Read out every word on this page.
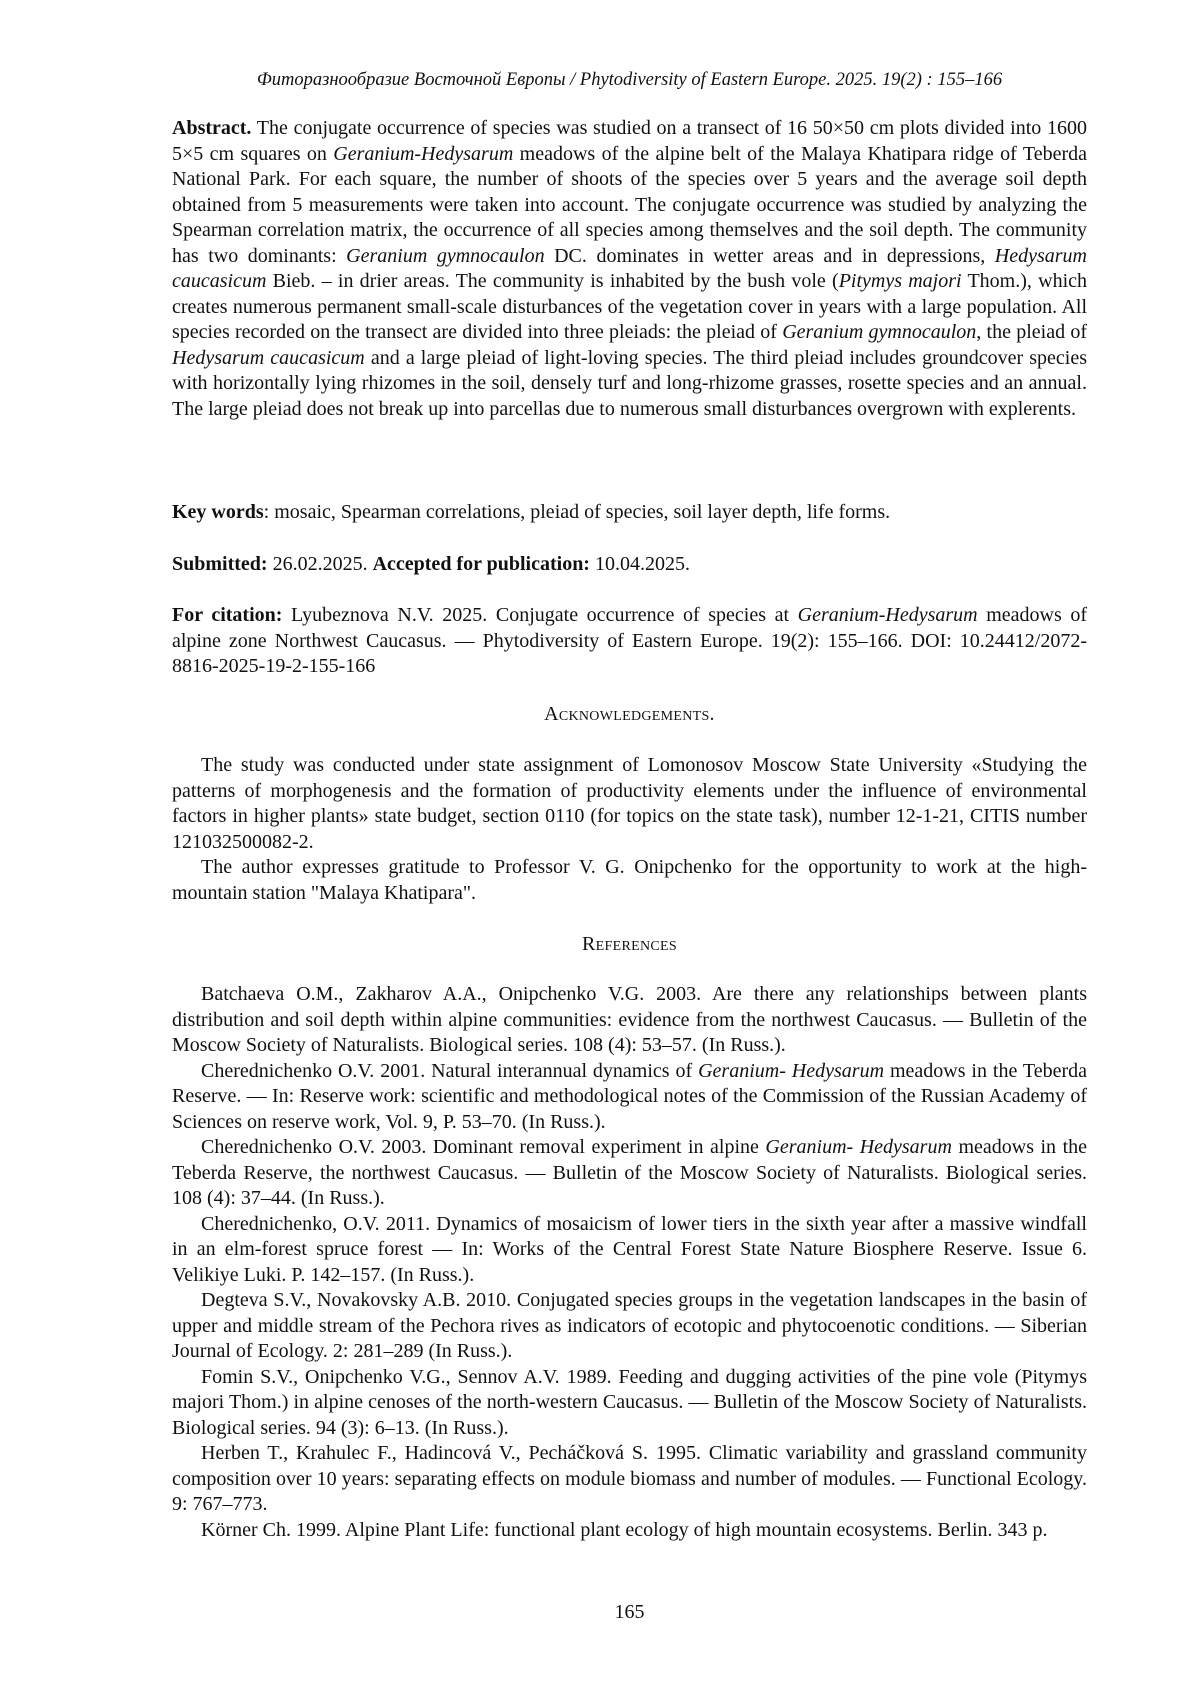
Фиторазнообразие Восточной Европы / Phytodiversity of Eastern Europe. 2025. 19(2) : 155–166

Abstract. The conjugate occurrence of species was studied on a transect of 16 50×50 cm plots divided into 1600 5×5 cm squares on Geranium-Hedysarum meadows of the alpine belt of the Malaya Khatipara ridge of Teberda National Park. For each square, the number of shoots of the species over 5 years and the average soil depth obtained from 5 measurements were taken into account. The conjugate occurrence was studied by analyzing the Spearman correlation matrix, the occurrence of all species among themselves and the soil depth. The community has two dominants: Geranium gymnocaulon DC. dominates in wetter areas and in depressions, Hedysarum caucasicum Bieb. – in drier areas. The community is inhabited by the bush vole (Pitymys majori Thom.), which creates numerous permanent small-scale disturbances of the vegetation cover in years with a large population. All species recorded on the transect are divided into three pleiads: the pleiad of Geranium gymnocaulon, the pleiad of Hedysarum caucasicum and a large pleiad of light-loving species. The third pleiad includes groundcover species with horizontally lying rhizomes in the soil, densely turf and long-rhizome grasses, rosette species and an annual. The large pleiad does not break up into parcellas due to numerous small disturbances overgrown with explerents.

Key words: mosaic, Spearman correlations, pleiad of species, soil layer depth, life forms.

Submitted: 26.02.2025. Accepted for publication: 10.04.2025.

For citation: Lyubeznova N.V. 2025. Conjugate occurrence of species at Geranium-Hedysarum meadows of alpine zone Northwest Caucasus. — Phytodiversity of Eastern Europe. 19(2): 155–166. DOI: 10.24412/2072-8816-2025-19-2-155-166

Acknowledgements.

The study was conducted under state assignment of Lomonosov Moscow State University «Studying the patterns of morphogenesis and the formation of productivity elements under the influence of environmental factors in higher plants» state budget, section 0110 (for topics on the state task), number 12-1-21, CITIS number 121032500082-2.

The author expresses gratitude to Professor V. G. Onipchenko for the opportunity to work at the high-mountain station "Malaya Khatipara".

References

Batchaeva O.M., Zakharov A.A., Onipchenko V.G. 2003. Are there any relationships between plants distribution and soil depth within alpine communities: evidence from the northwest Caucasus. — Bulletin of the Moscow Society of Naturalists. Biological series. 108 (4): 53–57. (In Russ.).

Cherednichenko O.V. 2001. Natural interannual dynamics of Geranium- Hedysarum meadows in the Teberda Reserve. — In: Reserve work: scientific and methodological notes of the Commission of the Russian Academy of Sciences on reserve work, Vol. 9, P. 53–70. (In Russ.).

Cherednichenko O.V. 2003. Dominant removal experiment in alpine Geranium- Hedysarum meadows in the Teberda Reserve, the northwest Caucasus. — Bulletin of the Moscow Society of Naturalists. Biological series. 108 (4): 37–44. (In Russ.).

Cherednichenko, O.V. 2011. Dynamics of mosaicism of lower tiers in the sixth year after a massive windfall in an elm-forest spruce forest — In: Works of the Central Forest State Nature Biosphere Reserve. Issue 6. Velikiye Luki. P. 142–157. (In Russ.).

Degteva S.V., Novakovsky A.B. 2010. Conjugated species groups in the vegetation landscapes in the basin of upper and middle stream of the Pechora rives as indicators of ecotopic and phytocoenotic conditions. — Siberian Journal of Ecology. 2: 281–289 (In Russ.).

Fomin S.V., Onipchenko V.G., Sennov A.V. 1989. Feeding and dugging activities of the pine vole (Pitymys majori Thom.) in alpine cenoses of the north-western Caucasus. — Bulletin of the Moscow Society of Naturalists. Biological series. 94 (3): 6–13. (In Russ.).

Herben T., Krahulec F., Hadincová V., Pecháčková S. 1995. Climatic variability and grassland community composition over 10 years: separating effects on module biomass and number of modules. — Functional Ecology. 9: 767–773.

Körner Ch. 1999. Alpine Plant Life: functional plant ecology of high mountain ecosystems. Berlin. 343 p.

165
